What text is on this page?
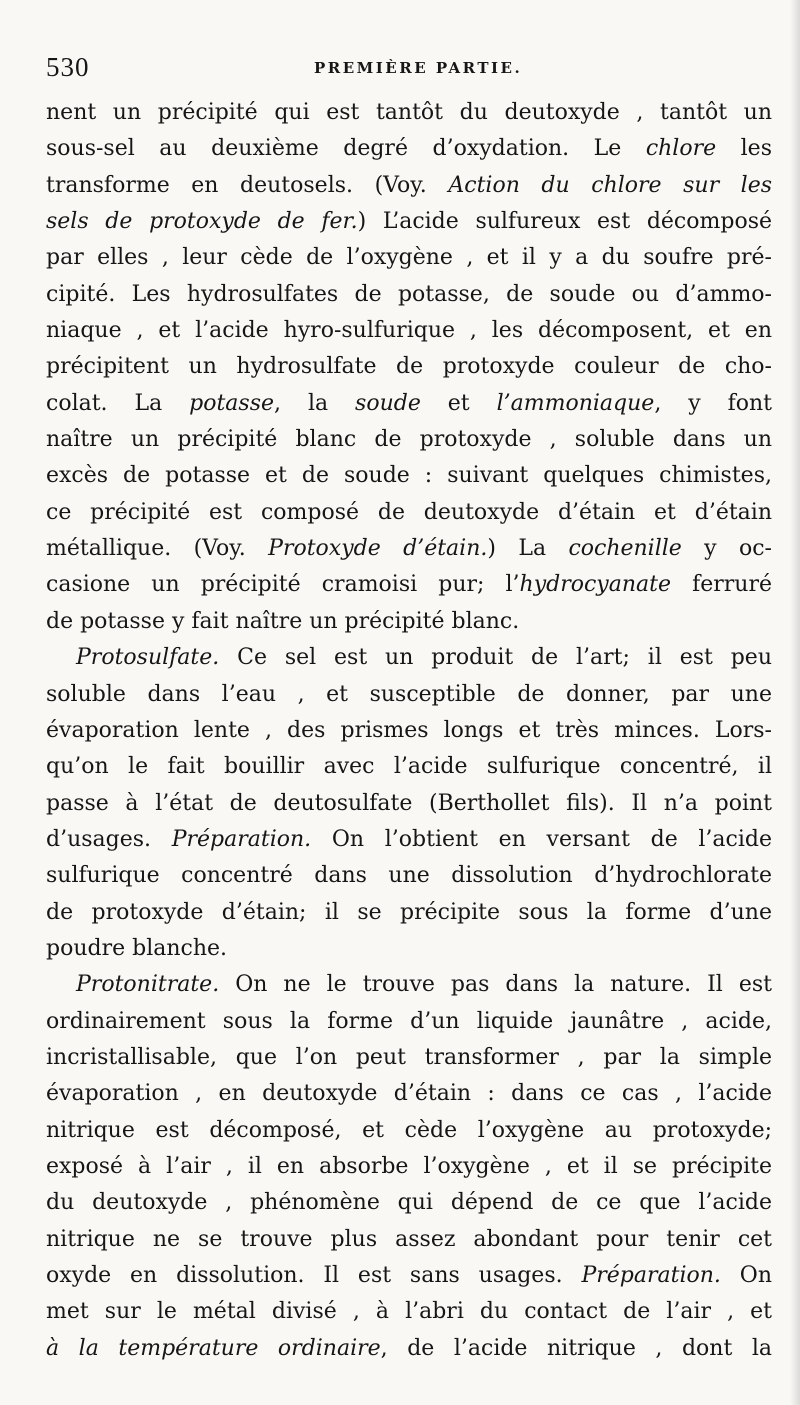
530	PREMIÈRE PARTIE.
nent un précipité qui est tantôt du deutoxyde , tantôt un
sous-sel au deuxième degré d’oxydation. Le chlore les
transforme en deutosels. (Voy. Action du chlore sur les
sels de protoxyde de fer.) L’acide sulfureux est décomposé
par elles , leur cède de l’oxygène , et il y a du soufre pré-
cipité. Les hydrosulfates de potasse, de soude ou d’ammo-
niaque , et l’acide hyro-sulfurique , les décomposent, et en
précipitent un hydrosulfate de protoxyde couleur de cho-
colat. La potasse, la soude et l’ammoniaque, y font
naître un précipité blanc de protoxyde , soluble dans un
excès de potasse et de soude : suivant quelques chimistes,
ce précipité est composé de deutoxyde d’étain et d’étain
métallique. (Voy. Protoxyde d’étain.) La cochenille y oc-
casione un précipité cramoisi pur; l’hydrocyanate ferruré
de potasse y fait naître un précipité blanc.
Protosulfate. Ce sel est un produit de l’art; il est peu
soluble dans l’eau , et susceptible de donner, par une
évaporation lente , des prismes longs et très minces. Lors-
qu’on le fait bouillir avec l’acide sulfurique concentré, il
passe à l’état de deutosulfate (Berthollet fils). Il n’a point
d’usages. Préparation. On l’obtient en versant de l’acide
sulfurique concentré dans une dissolution d’hydrochlorate
de protoxyde d’étain; il se précipite sous la forme d’une
poudre blanche.
Protonitrate. On ne le trouve pas dans la nature. Il est
ordinairement sous la forme d’un liquide jaunâtre , acide,
incristallisable, que l’on peut transformer , par la simple
évaporation , en deutoxyde d’étain : dans ce cas , l’acide
nitrique est décomposé, et cède l’oxygène au protoxyde;
exposé à l’air , il en absorbe l’oxygène , et il se précipite
du deutoxyde , phénomène qui dépend de ce que l’acide
nitrique ne se trouve plus assez abondant pour tenir cet
oxyde en dissolution. Il est sans usages. Préparation. On
met sur le métal divisé , à l’abri du contact de l’air , et
à la température ordinaire, de l’acide nitrique , dont la
